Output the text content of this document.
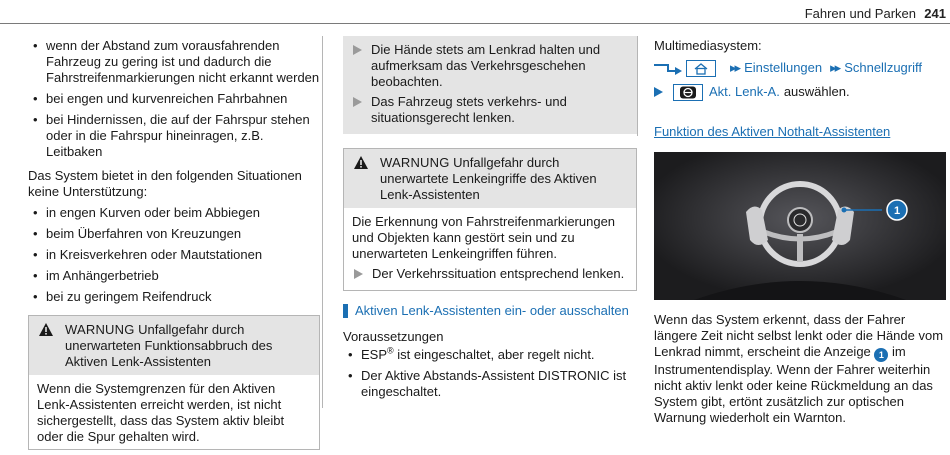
Fahren und Parken 241
• wenn der Abstand zum vorausfahrenden Fahrzeug zu gering ist und dadurch die Fahrstreifenmarkierungen nicht erkannt werden
• bei engen und kurvenreichen Fahrbahnen
• bei Hindernissen, die auf der Fahrspur stehen oder in die Fahrspur hineinragen, z.B. Leitbaken

Das System bietet in den folgenden Situationen keine Unterstützung:

• in engen Kurven oder beim Abbiegen
• beim Überfahren von Kreuzungen
• in Kreisverkehren oder Mautstationen
• im Anhängerbetrieb
• bei zu geringem Reifendruck
WARNUNG Unfallgefahr durch unerwarteten Funktionsabbruch des Aktiven Lenk-Assistenten
Wenn die Systemgrenzen für den Aktiven Lenk-Assistenten erreicht werden, ist nicht sichergestellt, dass das System aktiv bleibt oder die Spur gehalten wird.
Die Hände stets am Lenkrad halten und aufmerksam das Verkehrsgeschehen beobachten.
Das Fahrzeug stets verkehrs- und situationsgerecht lenken.
WARNUNG Unfallgefahr durch unerwartete Lenkeingriffe des Aktiven Lenk-Assistenten
Die Erkennung von Fahrstreifenmarkierungen und Objekten kann gestört sein und zu unerwarteten Lenkeingriffen führen.
Der Verkehrssituation entsprechend lenken.
Aktiven Lenk-Assistenten ein- oder ausschalten
Voraussetzungen
• ESP® ist eingeschaltet, aber regelt nicht.
• Der Aktive Abstands-Assistent DISTRONIC ist eingeschaltet.
Multimediasystem:
▸▸ Einstellungen ▸▸ Schnellzugriff
Akt. Lenk-A. auswählen.
Funktion des Aktiven Nothalt-Assistenten
1
Wenn das System erkennt, dass der Fahrer längere Zeit nicht selbst lenkt oder die Hände vom Lenkrad nimmt, erscheint die Anzeige 1 im Instrumentendisplay. Wenn der Fahrer weiterhin nicht aktiv lenkt oder keine Rückmeldung an das System gibt, ertönt zusätzlich zur optischen Warnung wiederholt ein Warnton.
